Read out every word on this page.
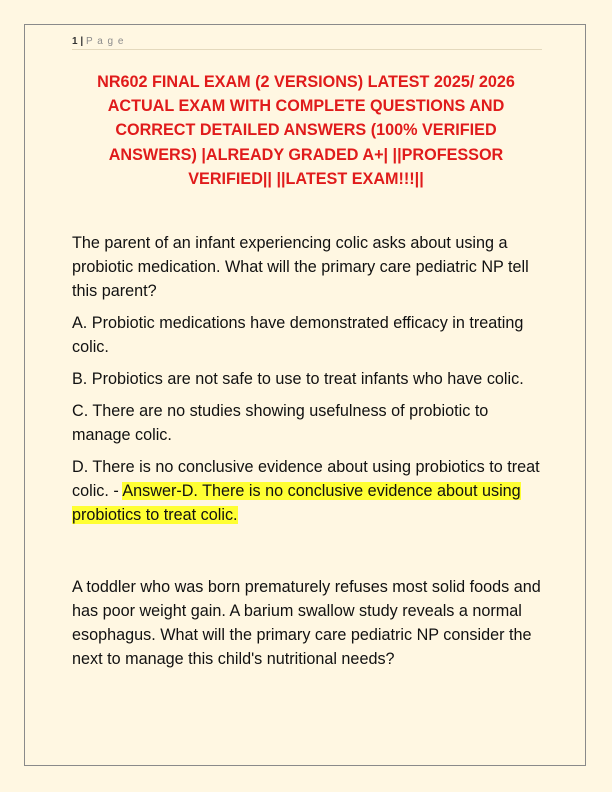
1 | P a g e
NR602 FINAL EXAM (2 VERSIONS) LATEST 2025/ 2026 ACTUAL EXAM WITH COMPLETE QUESTIONS AND CORRECT DETAILED ANSWERS (100% VERIFIED ANSWERS) |ALREADY GRADED A+| ||PROFESSOR VERIFIED|| ||LATEST EXAM!!!||

The parent of an infant experiencing colic asks about using a probiotic medication. What will the primary care pediatric NP tell this parent?

A. Probiotic medications have demonstrated efficacy in treating colic.

B. Probiotics are not safe to use to treat infants who have colic.

C. There are no studies showing usefulness of probiotic to manage colic.

D. There is no conclusive evidence about using probiotics to treat colic. - Answer-D. There is no conclusive evidence about using probiotics to treat colic.

A toddler who was born prematurely refuses most solid foods and has poor weight gain. A barium swallow study reveals a normal esophagus. What will the primary care pediatric NP consider the next to manage this child's nutritional needs?
